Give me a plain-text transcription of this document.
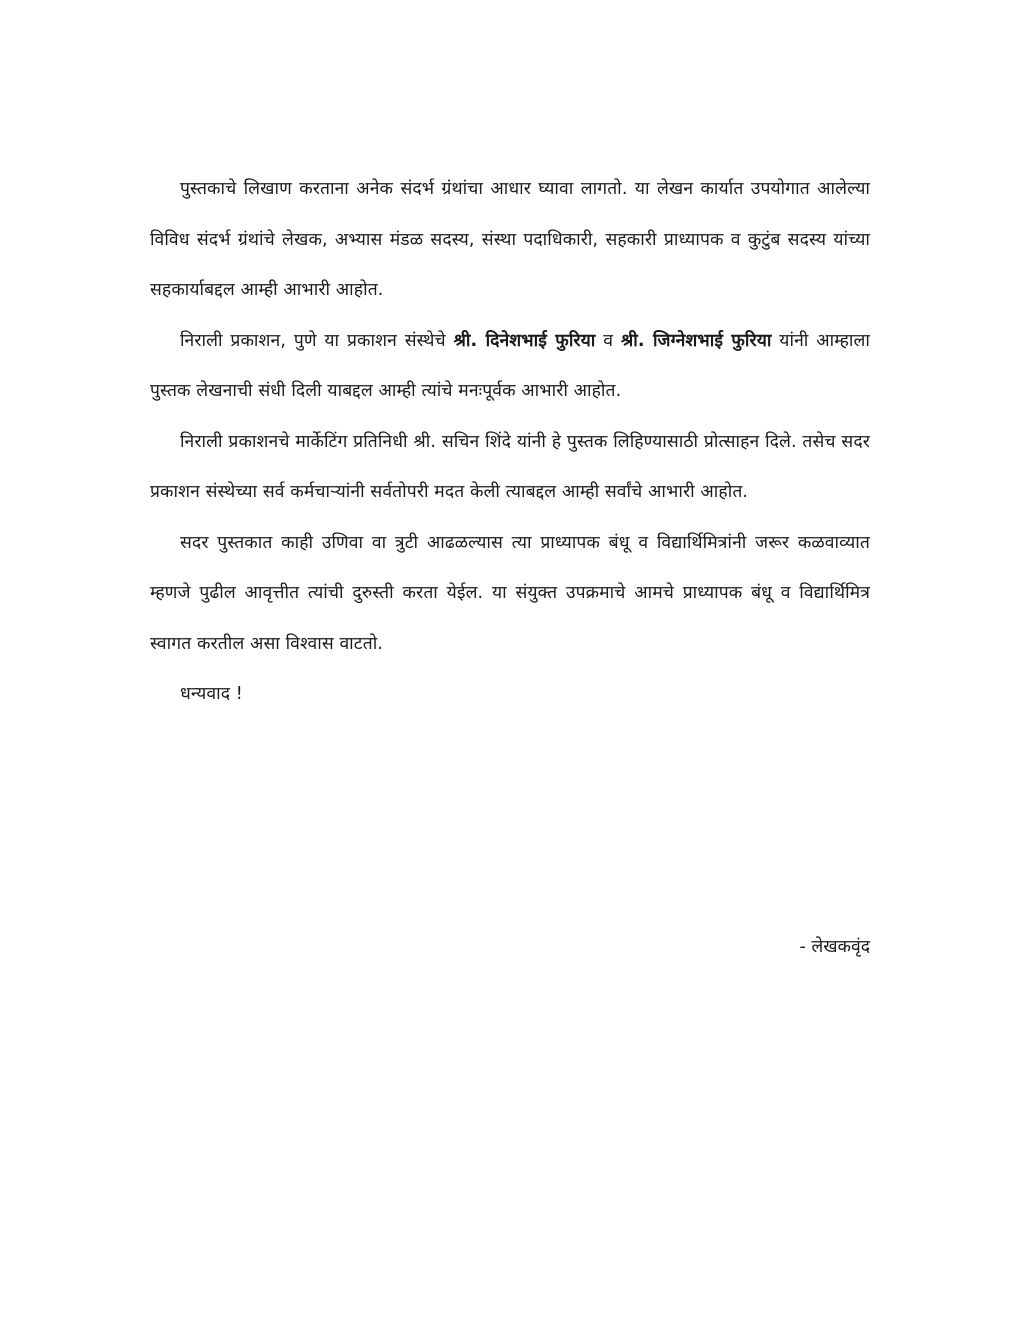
पुस्तकाचे लिखाण करताना अनेक संदर्भ ग्रंथांचा आधार घ्यावा लागतो. या लेखन कार्यात उपयोगात आलेल्या विविध संदर्भ ग्रंथांचे लेखक, अभ्यास मंडळ सदस्य, संस्था पदाधिकारी, सहकारी प्राध्यापक व कुटुंब सदस्य यांच्या सहकार्याबद्दल आम्ही आभारी आहोत.

निराली प्रकाशन, पुणे या प्रकाशन संस्थेचे श्री. दिनेशभाई फुरिया व श्री. जिग्नेशभाई फुरिया यांनी आम्हाला पुस्तक लेखनाची संधी दिली याबद्दल आम्ही त्यांचे मनःपूर्वक आभारी आहोत.

निराली प्रकाशनचे मार्केटिंग प्रतिनिधी श्री. सचिन शिंदे यांनी हे पुस्तक लिहिण्यासाठी प्रोत्साहन दिले. तसेच सदर प्रकाशन संस्थेच्या सर्व कर्मचाऱ्यांनी सर्वतोपरी मदत केली त्याबद्दल आम्ही सर्वांचे आभारी आहोत.

सदर पुस्तकात काही उणिवा वा त्रुटी आढळल्यास त्या प्राध्यापक बंधू व विद्यार्थिमित्रांनी जरूर कळवाव्यात म्हणजे पुढील आवृत्तीत त्यांची दुरुस्ती करता येईल. या संयुक्त उपक्रमाचे आमचे प्राध्यापक बंधू व विद्यार्थिमित्र स्वागत करतील असा विश्वास वाटतो.

धन्यवाद !

- लेखकवृंद
